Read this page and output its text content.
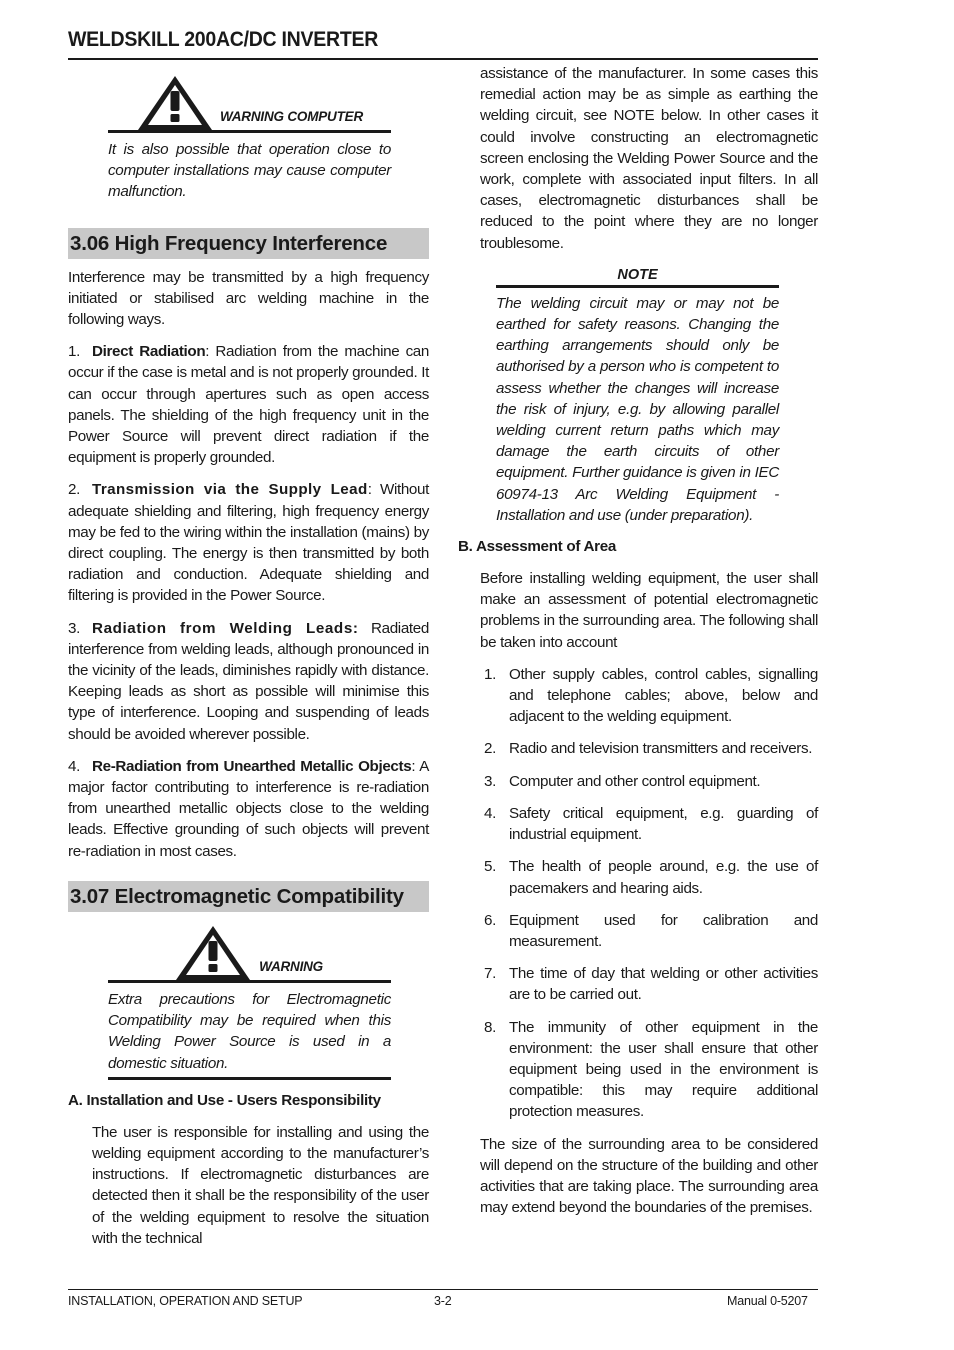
WELDSKILL 200AC/DC INVERTER
WARNING COMPUTER

It is also possible that operation close to computer installations may cause computer malfunction.

3.06 High Frequency Interference

Interference may be transmitted by a high frequency initiated or stabilised arc welding machine in the following ways.

1. Direct Radiation: Radiation from the machine can occur if the case is metal and is not properly grounded. It can occur through apertures such as open access panels. The shielding of the high frequency unit in the Power Source will prevent direct radiation if the equipment is properly grounded.

2. Transmission via the Supply Lead: Without adequate shielding and filtering, high frequency energy may be fed to the wiring within the installation (mains) by direct coupling. The energy is then transmitted by both radiation and conduction. Adequate shielding and filtering is provided in the Power Source.

3. Radiation from Welding Leads: Radiated interference from welding leads, although pronounced in the vicinity of the leads, diminishes rapidly with distance. Keeping leads as short as possible will minimise this type of interference. Looping and suspending of leads should be avoided wherever possible.

4. Re-Radiation from Unearthed Metallic Objects: A major factor contributing to interference is re-radiation from unearthed metallic objects close to the welding leads. Effective grounding of such objects will prevent re-radiation in most cases.

3.07 Electromagnetic Compatibility
WARNING

Extra precautions for Electromagnetic Compatibility may be required when this Welding Power Source is used in a domestic situation.

A. Installation and Use - Users Responsibility

The user is responsible for installing and using the welding equipment according to the manufacturer’s instructions. If electromagnetic disturbances are detected then it shall be the responsibility of the user of the welding equipment to resolve the situation with the technical

assistance of the manufacturer. In some cases this remedial action may be as simple as earthing the welding circuit, see NOTE below. In other cases it could involve constructing an electromagnetic screen enclosing the Welding Power Source and the work, complete with associated input filters. In all cases, electromagnetic disturbances shall be reduced to the point where they are no longer troublesome.

NOTE

The welding circuit may or may not be earthed for safety reasons. Changing the earthing arrangements should only be authorised by a person who is competent to assess whether the changes will increase the risk of injury, e.g. by allowing parallel welding current return paths which may damage the earth circuits of other equipment. Further guidance is given in IEC 60974-13 Arc Welding Equipment - Installation and use (under preparation).

B. Assessment of Area

Before installing welding equipment, the user shall make an assessment of potential electromagnetic problems in the surrounding area. The following shall be taken into account

1. Other supply cables, control cables, signalling and telephone cables; above, below and adjacent to the welding equipment.
2. Radio and television transmitters and receivers.
3. Computer and other control equipment.
4. Safety critical equipment, e.g. guarding of industrial equipment.
5. The health of people around, e.g. the use of pacemakers and hearing aids.
6. Equipment used for calibration and measurement.
7. The time of day that welding or other activities are to be carried out.
8. The immunity of other equipment in the environment: the user shall ensure that other equipment being used in the environment is compatible: this may require additional protection measures.

The size of the surrounding area to be considered will depend on the structure of the building and other activities that are taking place. The surrounding area may extend beyond the boundaries of the premises.

INSTALLATION, OPERATION AND SETUP	3-2	Manual 0-5207
